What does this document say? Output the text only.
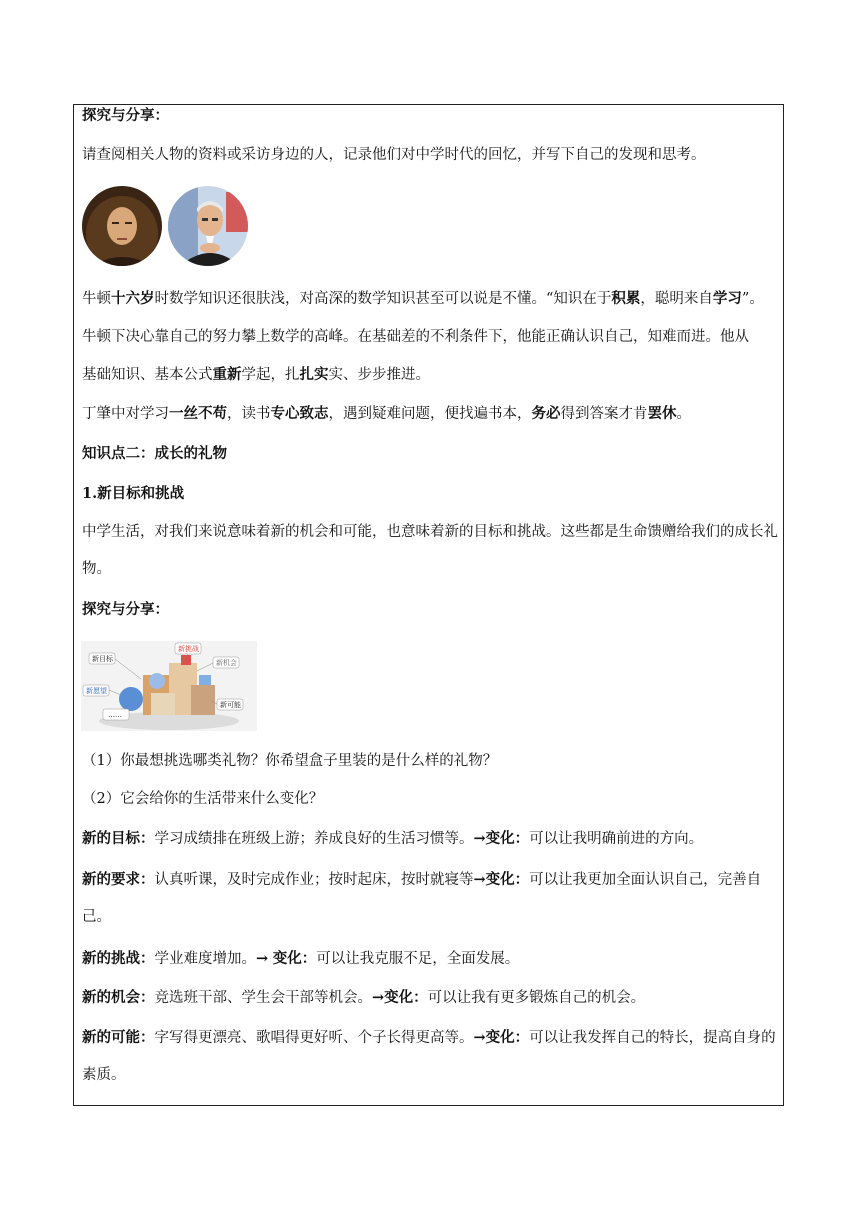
探究与分享：
请查阅相关人物的资料或采访身边的人，记录他们对中学时代的回忆，并写下自己的发现和思考。
牛顿十六岁时数学知识还很肤浅，对高深的数学知识甚至可以说是不懂。“知识在于积累，聪明来自学习”。
牛顿下决心靠自己的努力攀上数学的高峰。在基础差的不利条件下，他能正确认识自己，知难而进。他从
基础知识、基本公式重新学起，扎扎实实、步步推进。
丁肇中对学习一丝不苟，读书专心致志，遇到疑难问题，便找遍书本，务必得到答案才肯罢休。
知识点二：成长的礼物
1.新目标和挑战
中学生活，对我们来说意味着新的机会和可能，也意味着新的目标和挑战。这些都是生命馈赠给我们的成长礼物。
探究与分享：
新目标
新挑战
新机会
新愿望
新可能
……
（1）你最想挑选哪类礼物？你希望盒子里装的是什么样的礼物？
（2）它会给你的生活带来什么变化？
新的目标：学习成绩排在班级上游；养成良好的生活习惯等。→变化：可以让我明确前进的方向。
新的要求：认真听课，及时完成作业；按时起床，按时就寝等→变化：可以让我更加全面认识自己，完善自己。
新的挑战：学业难度增加。→ 变化：可以让我克服不足，全面发展。
新的机会：竞选班干部、学生会干部等机会。→变化：可以让我有更多锻炼自己的机会。
新的可能：字写得更漂亮、歌唱得更好听、个子长得更高等。→变化：可以让我发挥自己的特长，提高自身的素质。
